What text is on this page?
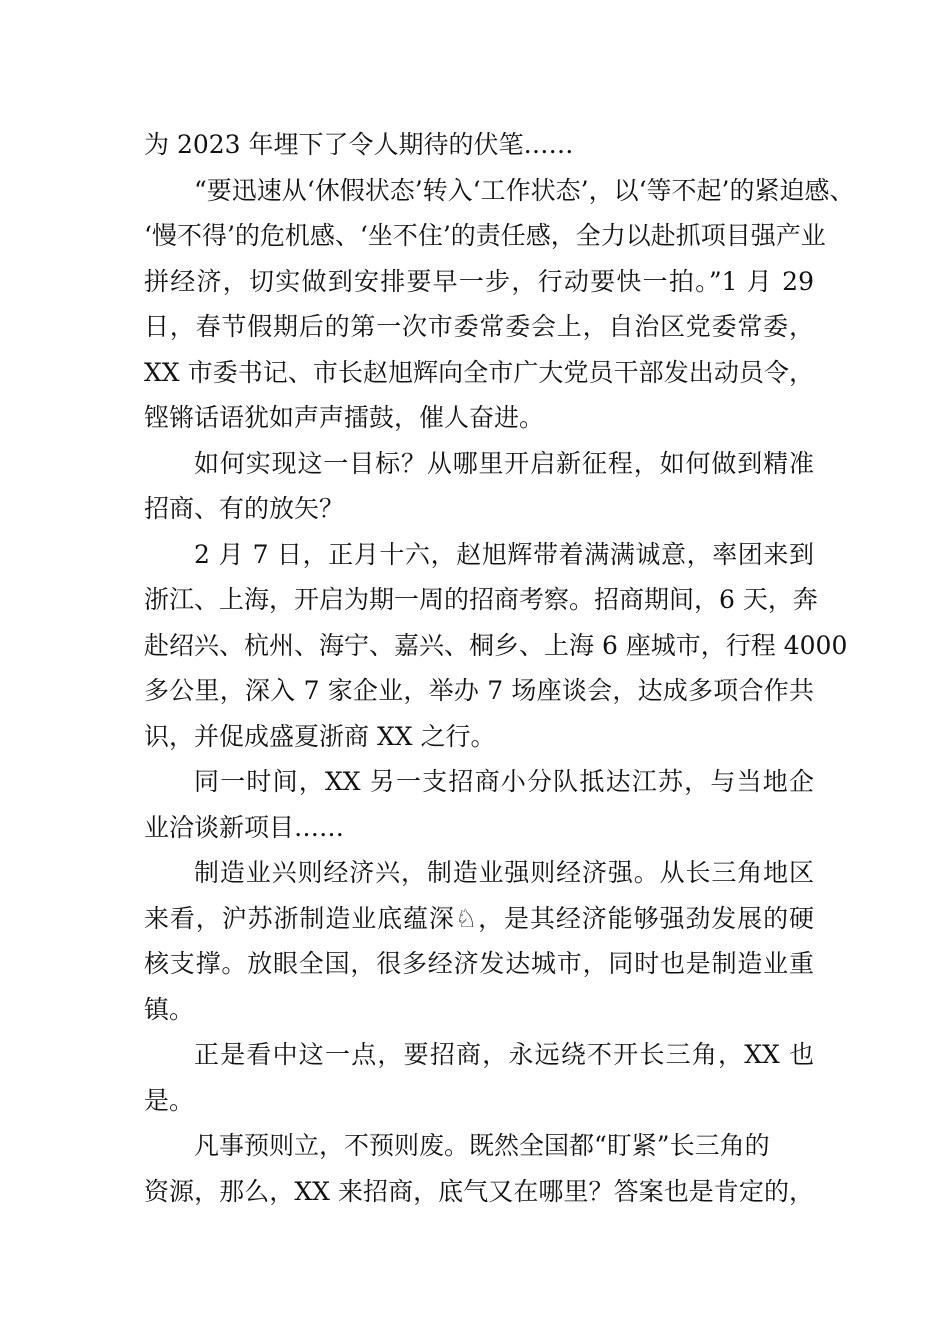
为 2023 年埋下了令人期待的伏笔……
“要迅速从‘休假状态’转入‘工作状态’，以‘等不起’的紧迫感、
‘慢不得’的危机感、‘坐不住’的责任感，全力以赴抓项目强产业
拼经济，切实做到安排要早一步，行动要快一拍。”1 月 29
日，春节假期后的第一次市委常委会上，自治区党委常委，
XX 市委书记、市长赵旭辉向全市广大党员干部发出动员令，
铿锵话语犹如声声擂鼓，催人奋进。
如何实现这一目标？从哪里开启新征程，如何做到精准
招商、有的放矢？
2 月 7 日，正月十六，赵旭辉带着满满诚意，率团来到
浙江、上海，开启为期一周的招商考察。招商期间，6 天，奔
赴绍兴、杭州、海宁、嘉兴、桐乡、上海 6 座城市，行程 4000
多公里，深入 7 家企业，举办 7 场座谈会，达成多项合作共
识，并促成盛夏浙商 XX 之行。
同一时间，XX 另一支招商小分队抵达江苏，与当地企
业洽谈新项目……
制造业兴则经济兴，制造业强则经济强。从长三角地区
来看，沪苏浙制造业底蕴深♘，是其经济能够强劲发展的硬
核支撑。放眼全国，很多经济发达城市，同时也是制造业重
镇。
正是看中这一点，要招商，永远绕不开长三角，XX 也
是。
凡事预则立，不预则废。既然全国都“盯紧”长三角的
资源，那么，XX 来招商，底气又在哪里？答案也是肯定的，
